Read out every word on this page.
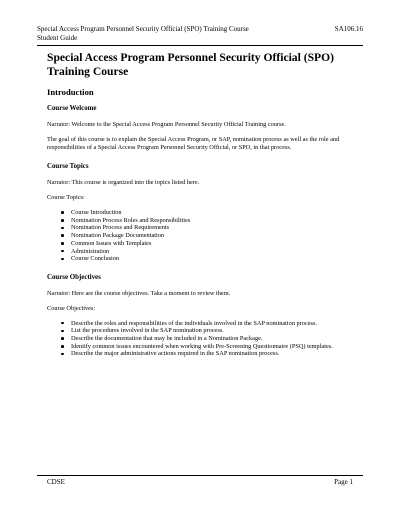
Special Access Program Personnel Security Official (SPO) Training Course	SA106.16
Student Guide
Special Access Program Personnel Security Official (SPO) Training Course
Introduction
Course Welcome

Narrator: Welcome to the Special Access Program Personnel Security Official Training course.

The goal of this course is to explain the Special Access Program, or SAP, nomination process as well as the role and responsibilities of a Special Access Program Personnel Security Official, or SPO, in that process.

Course Topics

Narrator: This course is organized into the topics listed here.

Course Topics:

Course Introduction
Nomination Process Roles and Responsibilities
Nomination Process and Requirements
Nomination Package Documentation
Common Issues with Templates
Administration
Course Conclusion
Course Objectives

Narrator: Here are the course objectives. Take a moment to review them.

Course Objectives:

Describe the roles and responsibilities of the individuals involved in the SAP nomination process.
List the procedures involved in the SAP nomination process.
Describe the documentation that may be included in a Nomination Package.
Identify common issues encountered when working with Pre-Screening Questionnaire (PSQ) templates.
Describe the major administrative actions required in the SAP nomination process.
CDSE	Page 1
